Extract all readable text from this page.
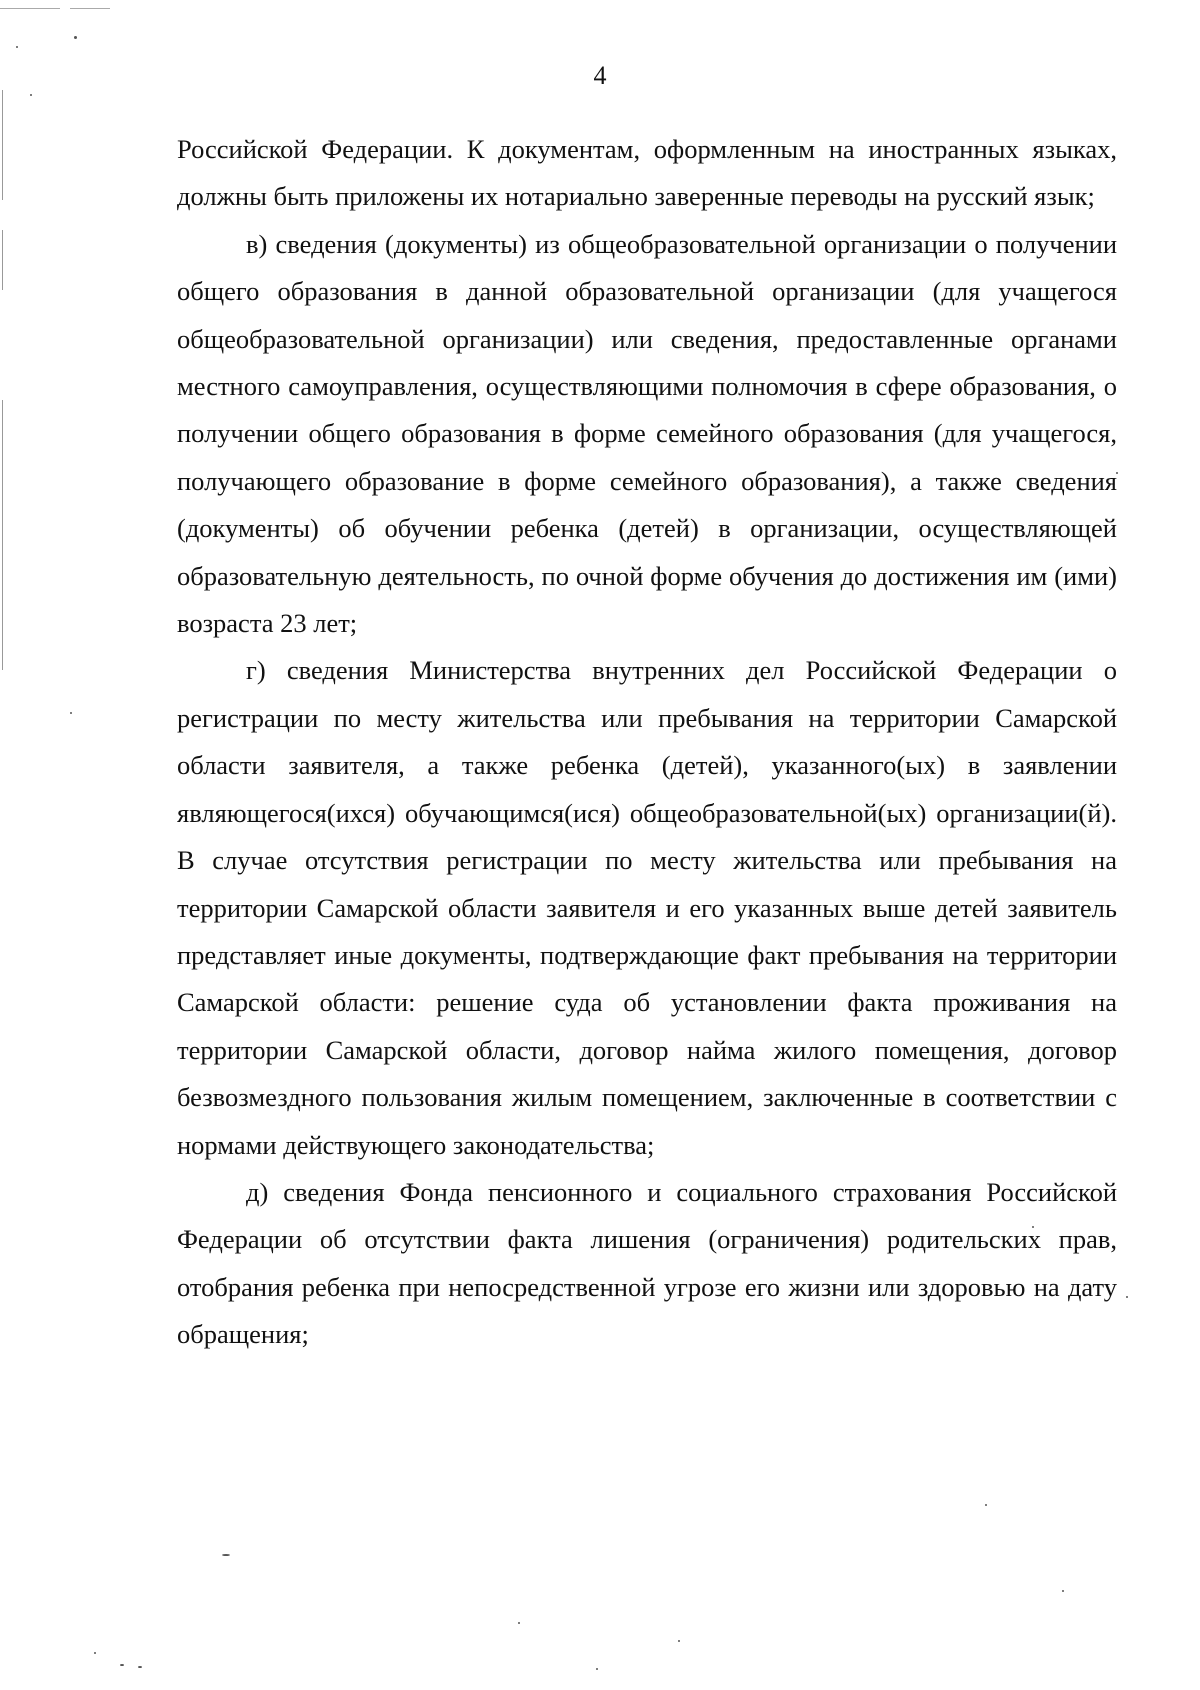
4

Российской Федерации. К документам, оформленным на иностранных языках, должны быть приложены их нотариально заверенные переводы на русский язык;

в) сведения (документы) из общеобразовательной организации о получении общего образования в данной образовательной организации (для учащегося общеобразовательной организации) или сведения, предоставленные органами местного самоуправления, осуществляющими полномочия в сфере образования, о получении общего образования в форме семейного образования (для учащегося, получающего образование в форме семейного образования), а также сведения (документы) об обучении ребенка (детей) в организации, осуществляющей образовательную деятельность, по очной форме обучения до достижения им (ими) возраста 23 лет;

г) сведения Министерства внутренних дел Российской Федерации о регистрации по месту жительства или пребывания на территории Самарской области заявителя, а также ребенка (детей), указанного(ых) в заявлении являющегося(ихся) обучающимся(ися) общеобразовательной(ых) организации(й). В случае отсутствия регистрации по месту жительства или пребывания на территории Самарской области заявителя и его указанных выше детей заявитель представляет иные документы, подтверждающие факт пребывания на территории Самарской области: решение суда об установлении факта проживания на территории Самарской области, договор найма жилого помещения, договор безвозмездного пользования жилым помещением, заключенные в соответствии с нормами действующего законодательства;

д) сведения Фонда пенсионного и социального страхования Российской Федерации об отсутствии факта лишения (ограничения) родительских прав, отобрания ребенка при непосредственной угрозе его жизни или здоровью на дату обращения;
